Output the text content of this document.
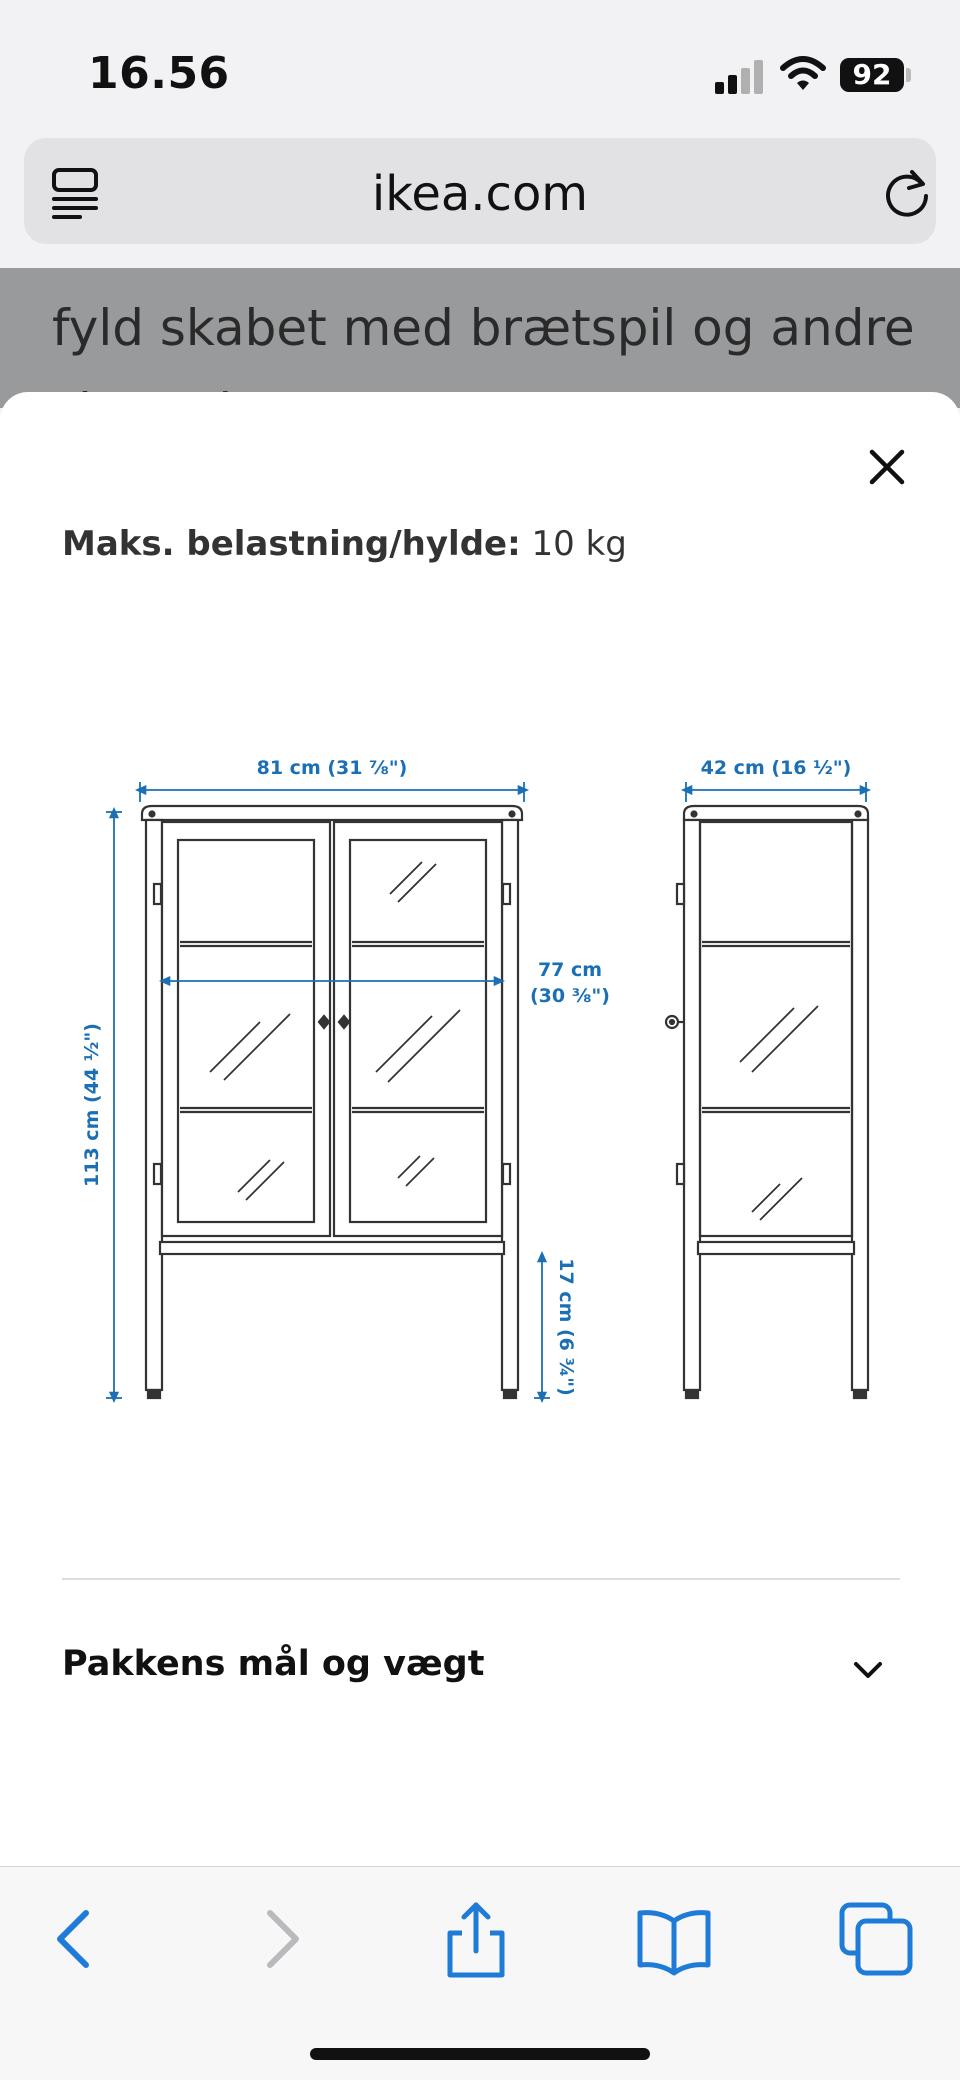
16.56	92
ikea.com

fyld skabet med brætspil og andre

Maks. belastning/hylde: 10 kg
81 cm (31 ⅞")
77 cm
(30 ⅜")
113 cm (44 ½")
17 cm (6 ¾")
42 cm (16 ½")
Pakkens mål og vægt
